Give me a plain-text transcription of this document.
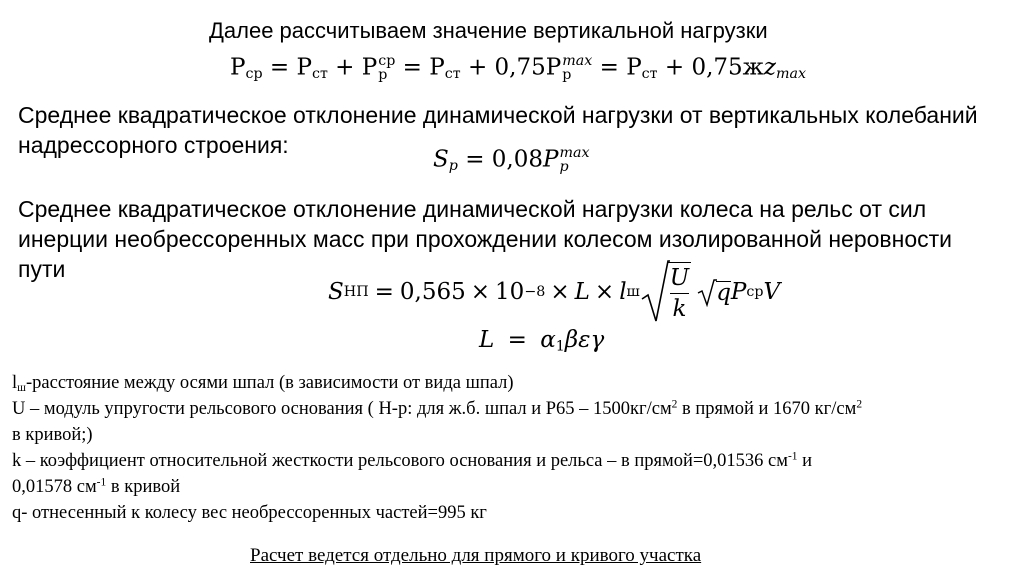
Далее рассчитываем значение вертикальной нагрузки
$P_{ср} = P_{ст} + P$ ср
$р = P_{ст} + 0,75P$ max
р	= $P_{ст} + 0,75жz_{max}$
Среднее квадратическое отклонение динамической нагрузки от вертикальных колебаний
надрессорного строения:
$S_p = 0,08P$ max
p
Среднее квадратическое отклонение динамической нагрузки колеса на рельс от сил
инерции необрессоренных масс при прохождении колесом изолированной неровности
пути
S НП = 0,565 × 10 −8 × L × l ш $\frac{U}{k}$ q P ср V
$L = \alpha_1\beta\varepsilon\gamma$
$l_ш$-расстояние между осями шпал (в зависимости от вида шпал)
U – модуль упругости рельсового основания ( Н-р: для ж.б. шпал и $Р65 - 1500кг/см^2$ в прямой и 1670 $кг/см^2$
в кривой;)
k – коэффициент относительной жесткости рельсового основания и рельса – в прямой=0,01536 $см^{-1}$ и
0,01578 $см^{-1}$ в кривой
q- отнесенный к колесу вес необрессоренных частей=995 кг
Расчет ведется отдельно для прямого и кривого участка
